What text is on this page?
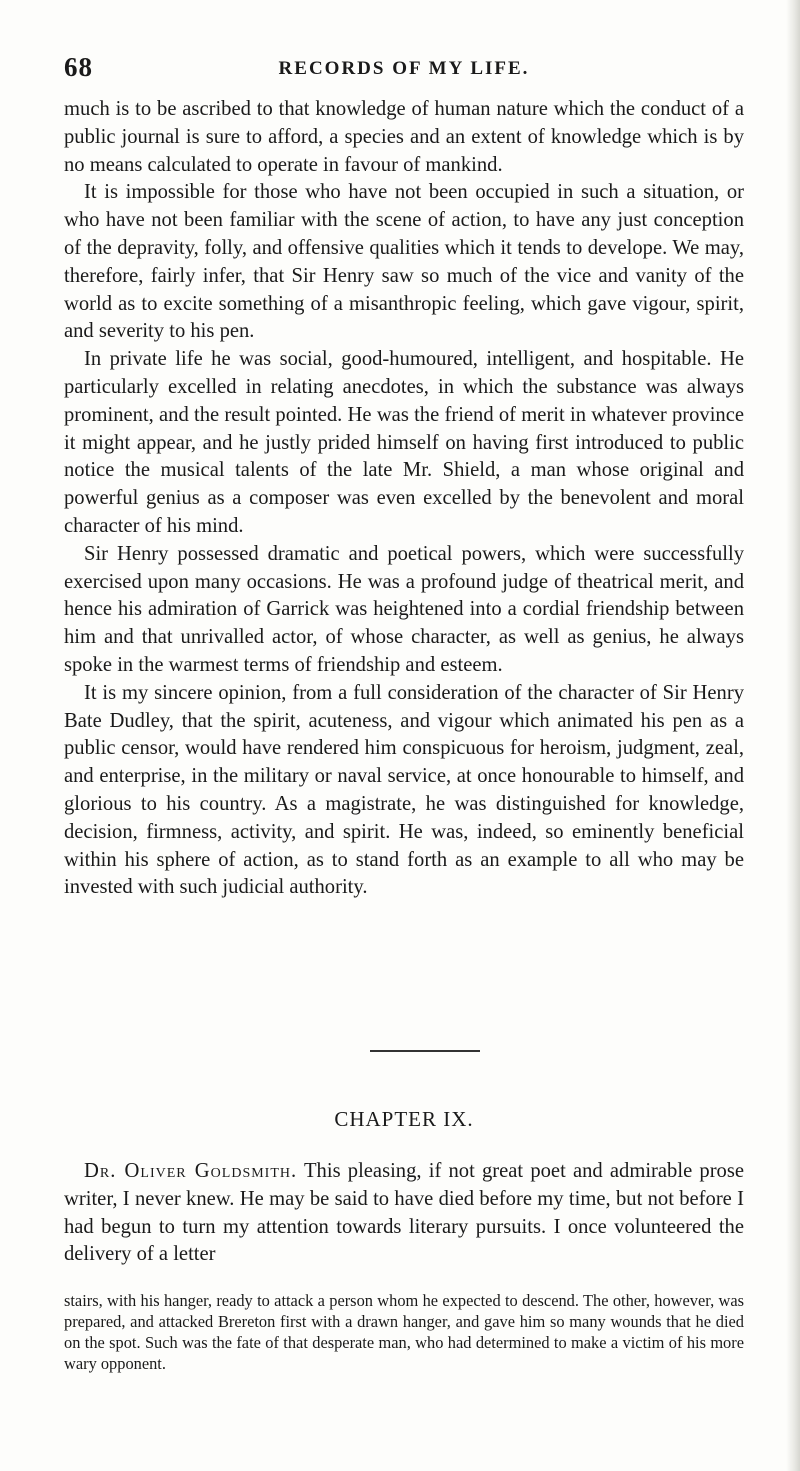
68	RECORDS OF MY LIFE.

much is to be ascribed to that knowledge of human nature which the conduct of a public journal is sure to afford, a species and an extent of knowledge which is by no means calculated to operate in favour of mankind.

It is impossible for those who have not been occupied in such a situation, or who have not been familiar with the scene of action, to have any just conception of the depravity, folly, and offensive qualities which it tends to develope. We may, therefore, fairly infer, that Sir Henry saw so much of the vice and vanity of the world as to excite something of a misanthropic feeling, which gave vigour, spirit, and severity to his pen.

In private life he was social, good-humoured, intelligent, and hospitable. He particularly excelled in relating anecdotes, in which the substance was always prominent, and the result pointed. He was the friend of merit in whatever province it might appear, and he justly prided himself on having first introduced to public notice the musical talents of the late Mr. Shield, a man whose original and powerful genius as a composer was even excelled by the benevolent and moral character of his mind.

Sir Henry possessed dramatic and poetical powers, which were successfully exercised upon many occasions. He was a profound judge of theatrical merit, and hence his admiration of Garrick was heightened into a cordial friendship between him and that unrivalled actor, of whose character, as well as genius, he always spoke in the warmest terms of friendship and esteem.

It is my sincere opinion, from a full consideration of the character of Sir Henry Bate Dudley, that the spirit, acuteness, and vigour which animated his pen as a public censor, would have rendered him conspicuous for heroism, judgment, zeal, and enterprise, in the military or naval service, at once honourable to himself, and glorious to his country. As a magistrate, he was distinguished for knowledge, decision, firmness, activity, and spirit. He was, indeed, so eminently beneficial within his sphere of action, as to stand forth as an example to all who may be invested with such judicial authority.

CHAPTER IX.

Dr. Oliver Goldsmith. This pleasing, if not great poet and admirable prose writer, I never knew. He may be said to have died before my time, but not before I had begun to turn my attention towards literary pursuits. I once volunteered the delivery of a letter

stairs, with his hanger, ready to attack a person whom he expected to descend. The other, however, was prepared, and attacked Brereton first with a drawn hanger, and gave him so many wounds that he died on the spot. Such was the fate of that desperate man, who had determined to make a victim of his more wary opponent.
